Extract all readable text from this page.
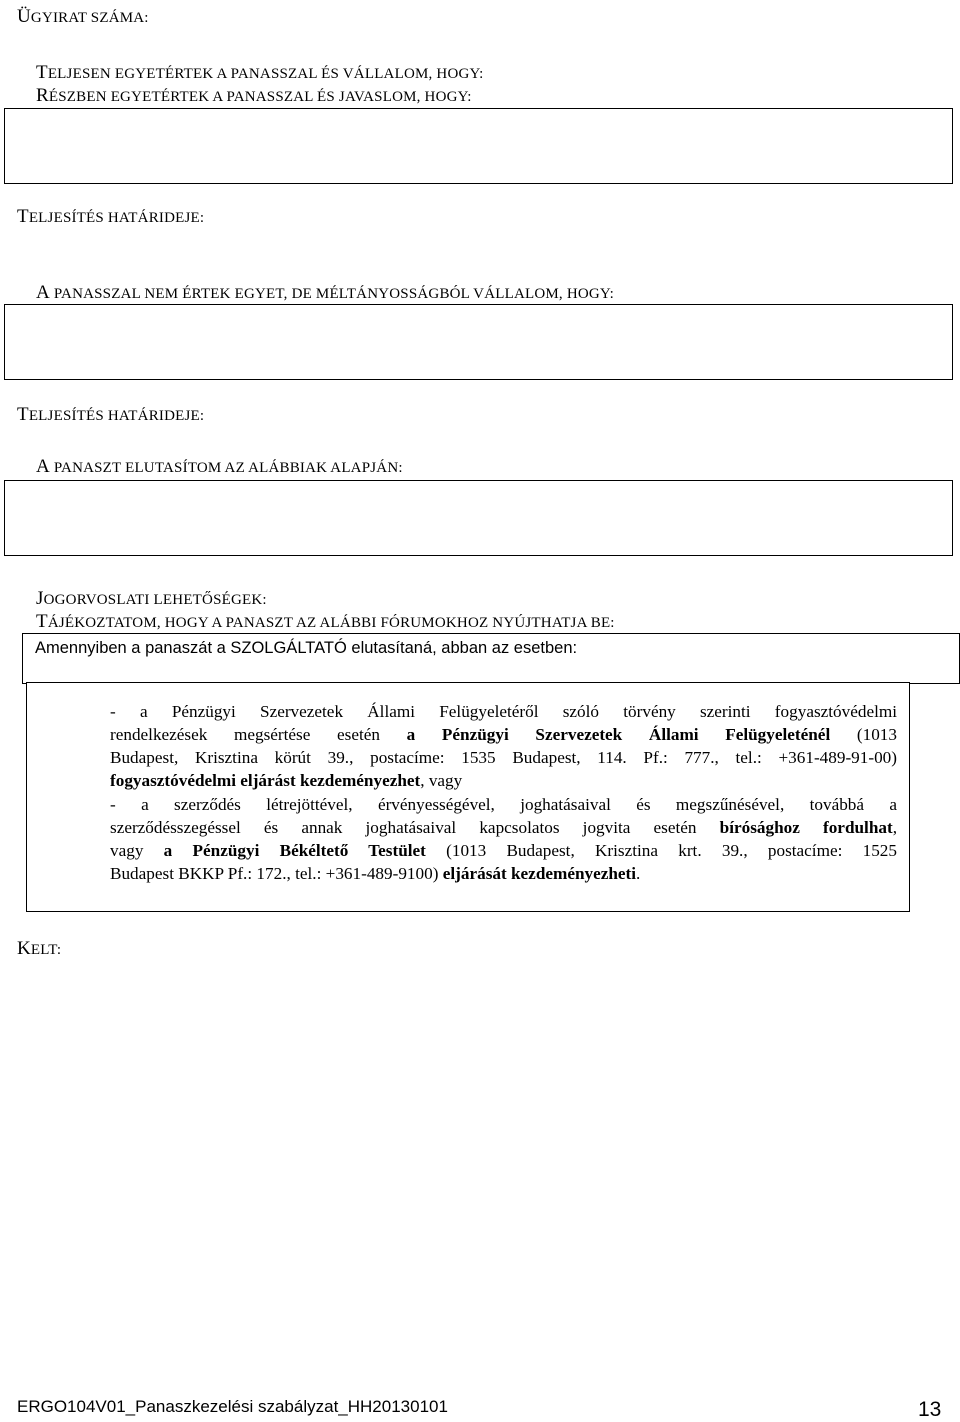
ÜGYIRAT SZÁMA:
TELJESEN EGYETÉRTEK A PANASSZAL ÉS VÁLLALOM, HOGY:
RÉSZBEN EGYETÉRTEK A PANASSZAL ÉS JAVASLOM, HOGY:
TELJESÍTÉS HATÁRIDEJE:
A PANASSZAL NEM ÉRTEK EGYET, DE MÉLTÁNYOSSÁGBÓL VÁLLALOM, HOGY:
TELJESÍTÉS HATÁRIDEJE:
A PANASZT ELUTASÍTOM AZ ALÁBBIAK ALAPJÁN:
JOGORVOSLATI LEHETŐSÉGEK:
TÁJÉKOZTATOM, HOGY A PANASZT AZ ALÁBBI FÓRUMOKHOZ NYÚJTHATJA BE:
Amennyiben a panaszát a SZOLGÁLTATÓ elutasítaná, abban az esetben:
- a Pénzügyi Szervezetek Állami Felügyeletéről szóló törvény szerinti fogyasztóvédelmi
rendelkezések megsértése esetén a Pénzügyi Szervezetek Állami Felügyeleténél (1013
Budapest, Krisztina körút 39., postacíme: 1535 Budapest, 114. Pf.: 777., tel.: +361-489-91-00)
fogyasztóvédelmi eljárást kezdeményezhet, vagy
- a szerződés létrejöttével, érvényességével, joghatásaival és megszűnésével, továbbá a
szerződésszegéssel és annak joghatásaival kapcsolatos jogvita esetén bírósághoz fordulhat,
vagy a Pénzügyi Békéltető Testület (1013 Budapest, Krisztina krt. 39., postacíme: 1525
Budapest BKKP Pf.: 172., tel.: +361-489-9100) eljárását kezdeményezheti.
KELT:
ERGO104V01_Panaszkezelési szabályzat_HH20130101	13
